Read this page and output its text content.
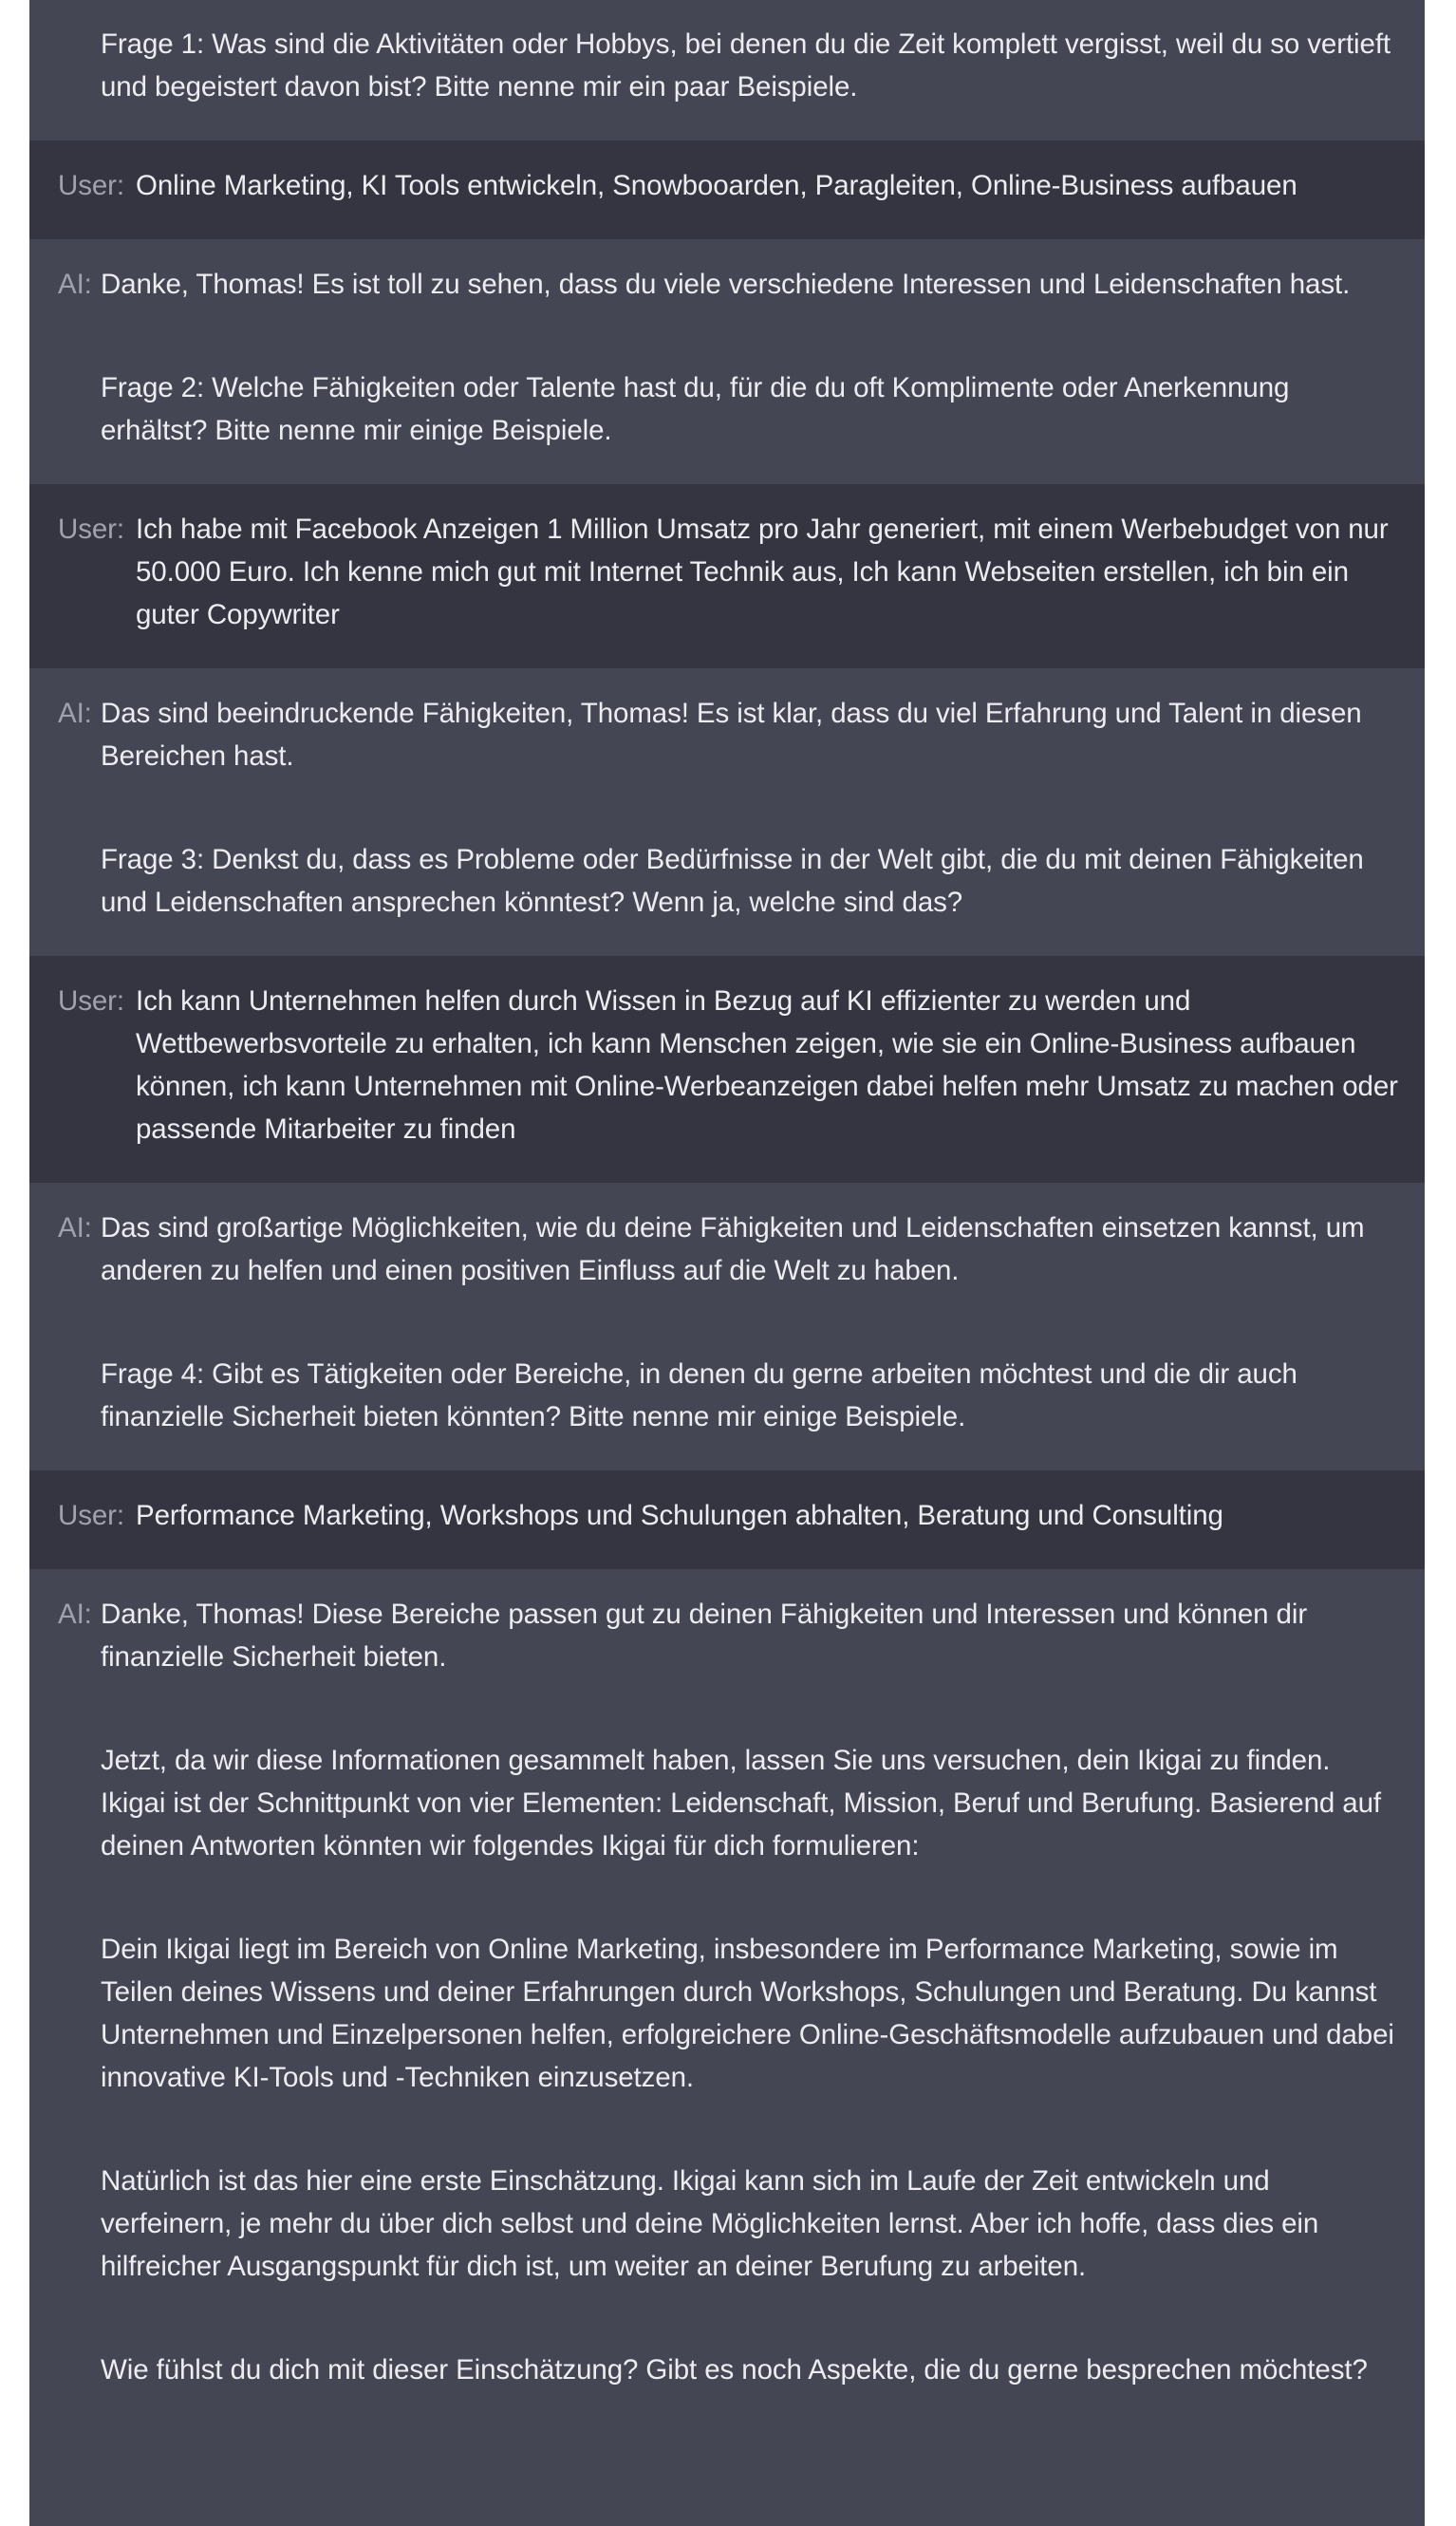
Frage 1: Was sind die Aktivitäten oder Hobbys, bei denen du die Zeit komplett vergisst, weil du so vertieft und begeistert davon bist? Bitte nenne mir ein paar Beispiele.
User: Online Marketing, KI Tools entwickeln, Snowbooarden, Paragleiten, Online-Business aufbauen
AI: Danke, Thomas! Es ist toll zu sehen, dass du viele verschiedene Interessen und Leidenschaften hast.
Frage 2: Welche Fähigkeiten oder Talente hast du, für die du oft Komplimente oder Anerkennung erhältst? Bitte nenne mir einige Beispiele.
User: Ich habe mit Facebook Anzeigen 1 Million Umsatz pro Jahr generiert, mit einem Werbebudget von nur 50.000 Euro. Ich kenne mich gut mit Internet Technik aus, Ich kann Webseiten erstellen, ich bin ein guter Copywriter
AI: Das sind beeindruckende Fähigkeiten, Thomas! Es ist klar, dass du viel Erfahrung und Talent in diesen Bereichen hast.
Frage 3: Denkst du, dass es Probleme oder Bedürfnisse in der Welt gibt, die du mit deinen Fähigkeiten und Leidenschaften ansprechen könntest? Wenn ja, welche sind das?
User: Ich kann Unternehmen helfen durch Wissen in Bezug auf KI effizienter zu werden und Wettbewerbsvorteile zu erhalten, ich kann Menschen zeigen, wie sie ein Online-Business aufbauen können, ich kann Unternehmen mit Online-Werbeanzeigen dabei helfen mehr Umsatz zu machen oder passende Mitarbeiter zu finden
AI: Das sind großartige Möglichkeiten, wie du deine Fähigkeiten und Leidenschaften einsetzen kannst, um anderen zu helfen und einen positiven Einfluss auf die Welt zu haben.
Frage 4: Gibt es Tätigkeiten oder Bereiche, in denen du gerne arbeiten möchtest und die dir auch finanzielle Sicherheit bieten könnten? Bitte nenne mir einige Beispiele.
User: Performance Marketing, Workshops und Schulungen abhalten, Beratung und Consulting
AI: Danke, Thomas! Diese Bereiche passen gut zu deinen Fähigkeiten und Interessen und können dir finanzielle Sicherheit bieten.
Jetzt, da wir diese Informationen gesammelt haben, lassen Sie uns versuchen, dein Ikigai zu finden. Ikigai ist der Schnittpunkt von vier Elementen: Leidenschaft, Mission, Beruf und Berufung. Basierend auf deinen Antworten könnten wir folgendes Ikigai für dich formulieren:
Dein Ikigai liegt im Bereich von Online Marketing, insbesondere im Performance Marketing, sowie im Teilen deines Wissens und deiner Erfahrungen durch Workshops, Schulungen und Beratung. Du kannst Unternehmen und Einzelpersonen helfen, erfolgreichere Online-Geschäftsmodelle aufzubauen und dabei innovative KI-Tools und -Techniken einzusetzen.
Natürlich ist das hier eine erste Einschätzung. Ikigai kann sich im Laufe der Zeit entwickeln und verfeinern, je mehr du über dich selbst und deine Möglichkeiten lernst. Aber ich hoffe, dass dies ein hilfreicher Ausgangspunkt für dich ist, um weiter an deiner Berufung zu arbeiten.
Wie fühlst du dich mit dieser Einschätzung? Gibt es noch Aspekte, die du gerne besprechen möchtest?
